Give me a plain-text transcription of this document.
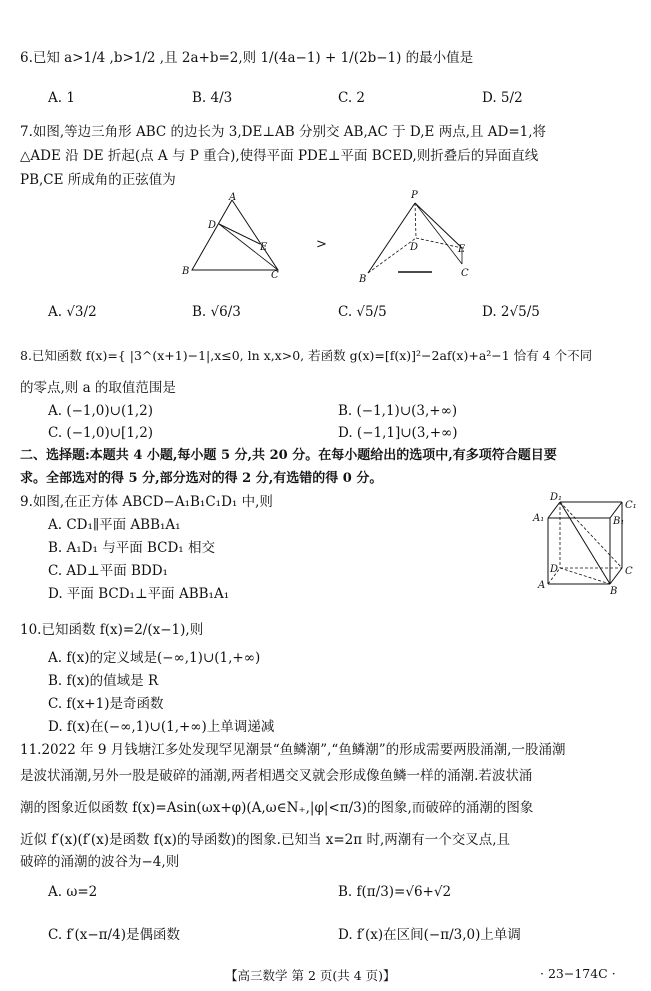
6.已知 a>1/4 ,b>1/2 ,且 2a+b=2,则 1/(4a−1) + 1/(2b−1) 的最小值是
A. 1	B. 4/3	C. 2	D. 5/2
7.如图,等边三角形 ABC 的边长为 3,DE⊥AB 分别交 AB,AC 于 D,E 两点,且 AD=1,将
△ADE 沿 DE 折起(点 A 与 P 重合),使得平面 PDE⊥平面 BCED,则折叠后的异面直线
PB,CE 所成角的正弦值为
A
D
E
B	C
>
P
E
D
B
C
A. √3/2	B. √6/3	C. √5/5	D. 2√5/5
8.已知函数 f(x)={ |3^(x+1)−1|,x≤0, ln x,x>0, 若函数 g(x)=[f(x)]²−2af(x)+a²−1 恰有 4 个不同
的零点,则 a 的取值范围是
A. (−1,0)∪(1,2)	B. (−1,1)∪(3,+∞)
C. (−1,0)∪[1,2)	D. (−1,1]∪(3,+∞)
二、选择题:本题共 4 小题,每小题 5 分,共 20 分。在每小题给出的选项中,有多项符合题目要
求。全部选对的得 5 分,部分选对的得 2 分,有选错的得 0 分。
9.如图,在正方体 ABCD−A₁B₁C₁D₁ 中,则
A. CD₁∥平面 ABB₁A₁
B. A₁D₁ 与平面 BCD₁ 相交
C. AD⊥平面 BDD₁
D. 平面 BCD₁⊥平面 ABB₁A₁
D₁
C₁
A₁	B₁
D	C
A
B
10.已知函数 f(x)=2/(x−1),则
A. f(x)的定义域是(−∞,1)∪(1,+∞)
B. f(x)的值域是 R
C. f(x+1)是奇函数
D. f(x)在(−∞,1)∪(1,+∞)上单调递减
11.2022 年 9 月钱塘江多处发现罕见潮景“鱼鳞潮”,“鱼鳞潮”的形成需要两股涌潮,一股涌潮
是波状涌潮,另外一股是破碎的涌潮,两者相遇交叉就会形成像鱼鳞一样的涌潮.若波状涌
潮的图象近似函数 f(x)=Asin(ωx+φ)(A,ω∈N₊,|φ|<π/3)的图象,而破碎的涌潮的图象
近似 f′(x)(f′(x)是函数 f(x)的导函数)的图象.已知当 x=2π 时,两潮有一个交叉点,且
破碎的涌潮的波谷为−4,则
A. ω=2	B. f(π/3)=√6+√2
C. f′(x−π/4)是偶函数	D. f′(x)在区间(−π/3,0)上单调
【高三数学 第 2 页(共 4 页)】	· 23−174C ·
